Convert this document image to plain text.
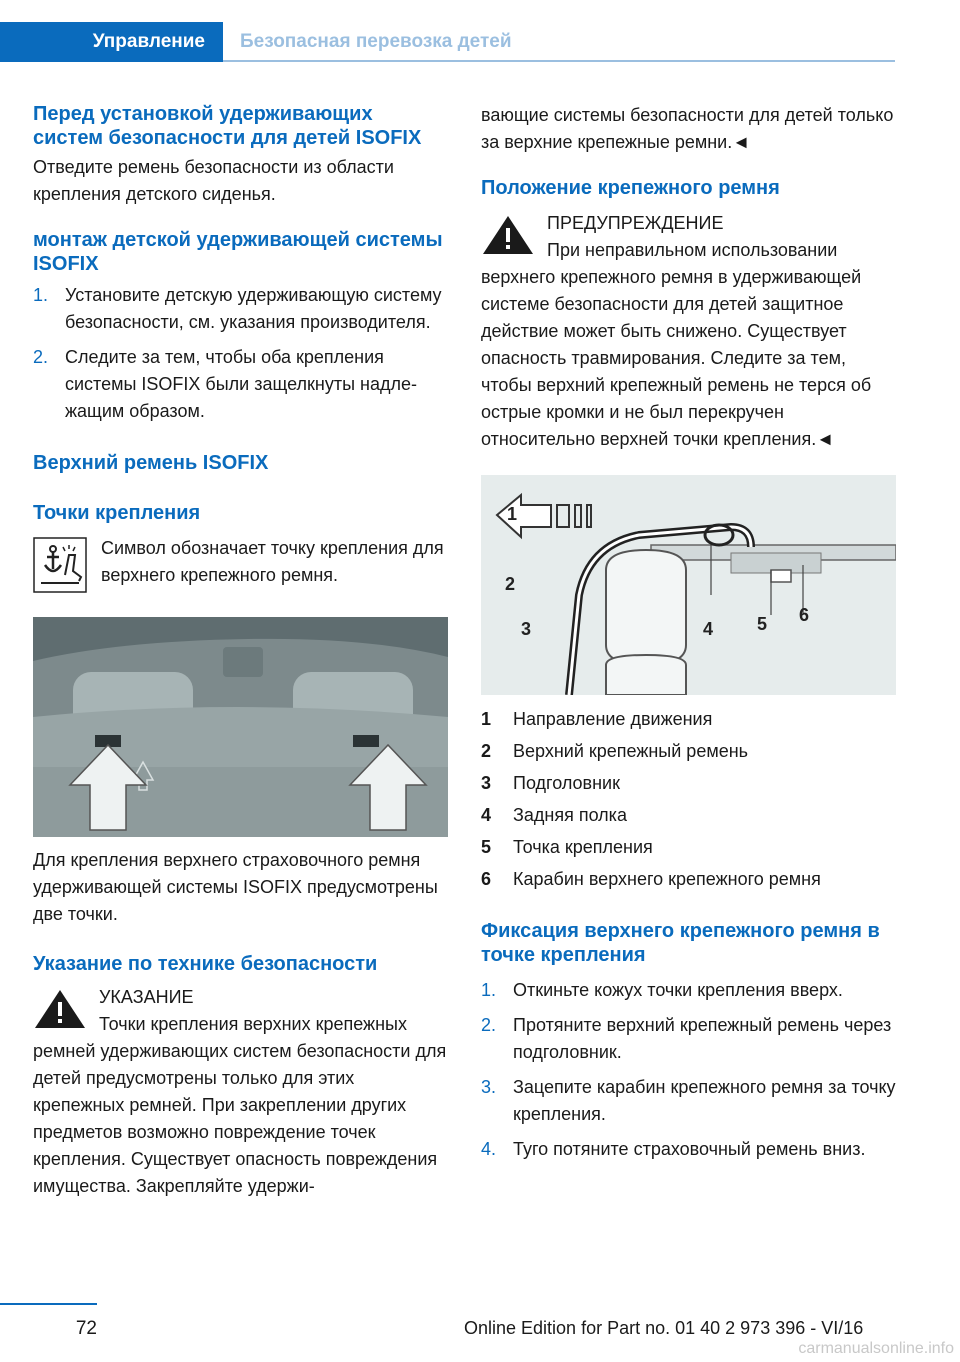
Управление	Безопасная перевозка детей
Перед установкой удерживающих систем безопасности для детей ISOFIX

Отведите ремень безопасности из области крепления детского сиденья.

монтаж детской удерживающей системы ISOFIX
1. Установите детскую удерживающую систему безопасности, см. указания производителя.
2. Следите за тем, чтобы оба крепления системы ISOFIX были защелкнуты надлежащим образом.
Верхний ремень ISOFIX
Точки крепления

Символ обозначает точку крепления для верхнего крепежного ремня.

Для крепления верхнего страховочного ремня удерживающей системы ISOFIX предусмотрены две точки.

Указание по технике безопасности

УКАЗАНИЕ

Точки крепления верхних крепежных ремней удерживающих систем безопасности для детей предусмотрены только для этих крепежных ремней. При закреплении других предметов возможно повреждение точек крепления. Существует опасность повреждения имущества. Закрепляйте удержи-

вающие системы безопасности для детей только за верхние крепежные ремни.◄

Положение крепежного ремня

ПРЕДУПРЕЖДЕНИЕ

При неправильном использовании верхнего крепежного ремня в удерживающей системе безопасности для детей защитное действие может быть снижено. Существует опасность травмирования. Следите за тем, чтобы верхний крепежный ремень не терся об острые кромки и не был перекручен относительно верхней точки крепления.◄

1
2
3	4 5 6
1 Направление движения
2 Верхний крепежный ремень
3 Подголовник
4 Задняя полка
5 Точка крепления
6 Карабин верхнего крепежного ремня
Фиксация верхнего крепежного ремня в точке крепления
1. Откиньте кожух точки крепления вверх.
2. Протяните верхний крепежный ремень через подголовник.
3. Зацепите карабин крепежного ремня за точку крепления.
4. Туго потяните страховочный ремень вниз.
72	Online Edition for Part no. 01 40 2 973 396 - VI/16
carmanualsonline.info
